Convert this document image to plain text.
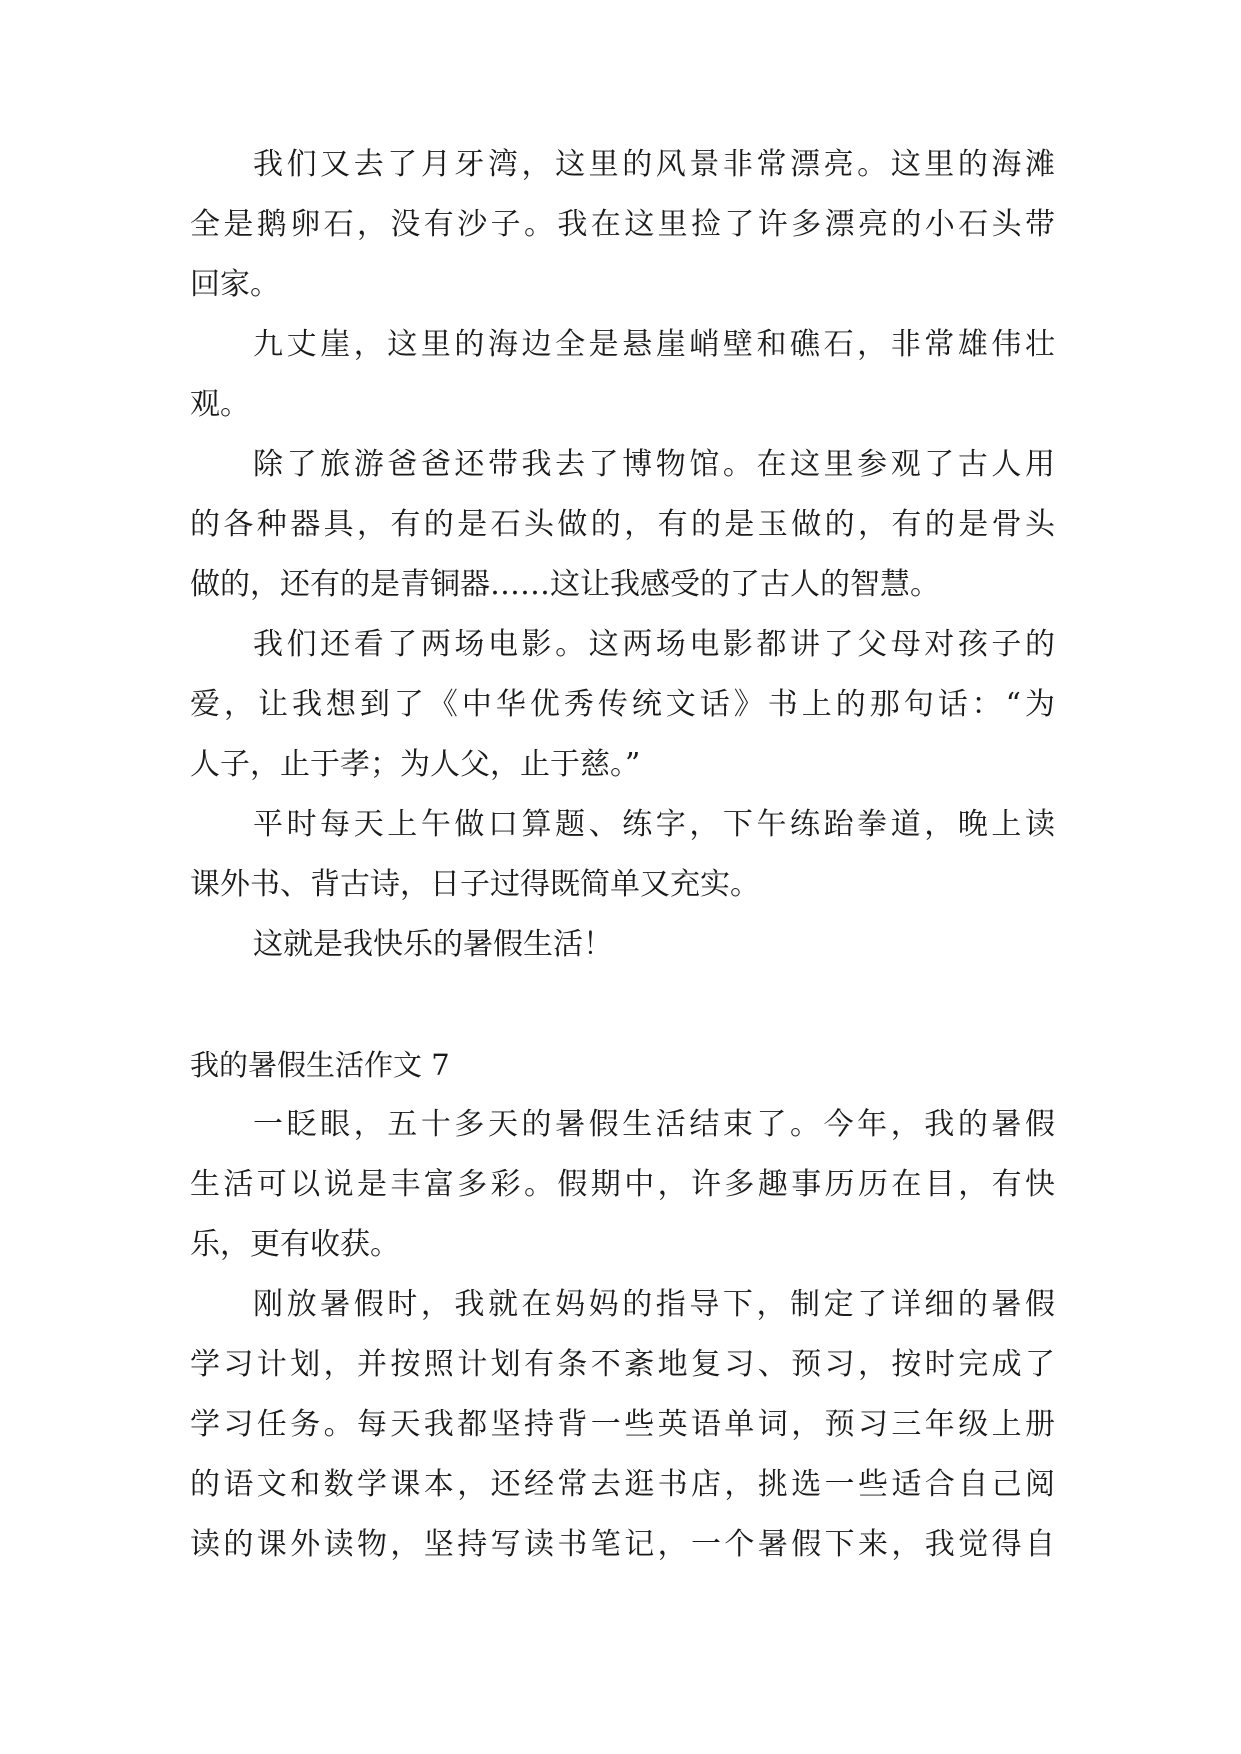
我们又去了月牙湾，这里的风景非常漂亮。这里的海滩
全是鹅卵石，没有沙子。我在这里捡了许多漂亮的小石头带
回家。
九丈崖，这里的海边全是悬崖峭壁和礁石，非常雄伟壮
观。
除了旅游爸爸还带我去了博物馆。在这里参观了古人用
的各种器具，有的是石头做的，有的是玉做的，有的是骨头
做的，还有的是青铜器……这让我感受的了古人的智慧。
我们还看了两场电影。这两场电影都讲了父母对孩子的
爱，让我想到了《中华优秀传统文话》书上的那句话：“为
人子，止于孝；为人父，止于慈。”
平时每天上午做口算题、练字，下午练跆拳道，晚上读
课外书、背古诗，日子过得既简单又充实。
这就是我快乐的暑假生活！
我的暑假生活作文 7
一眨眼，五十多天的暑假生活结束了。今年，我的暑假
生活可以说是丰富多彩。假期中，许多趣事历历在目，有快
乐，更有收获。
刚放暑假时，我就在妈妈的指导下，制定了详细的暑假
学习计划，并按照计划有条不紊地复习、预习，按时完成了
学习任务。每天我都坚持背一些英语单词，预习三年级上册
的语文和数学课本，还经常去逛书店，挑选一些适合自己阅
读的课外读物，坚持写读书笔记，一个暑假下来，我觉得自
